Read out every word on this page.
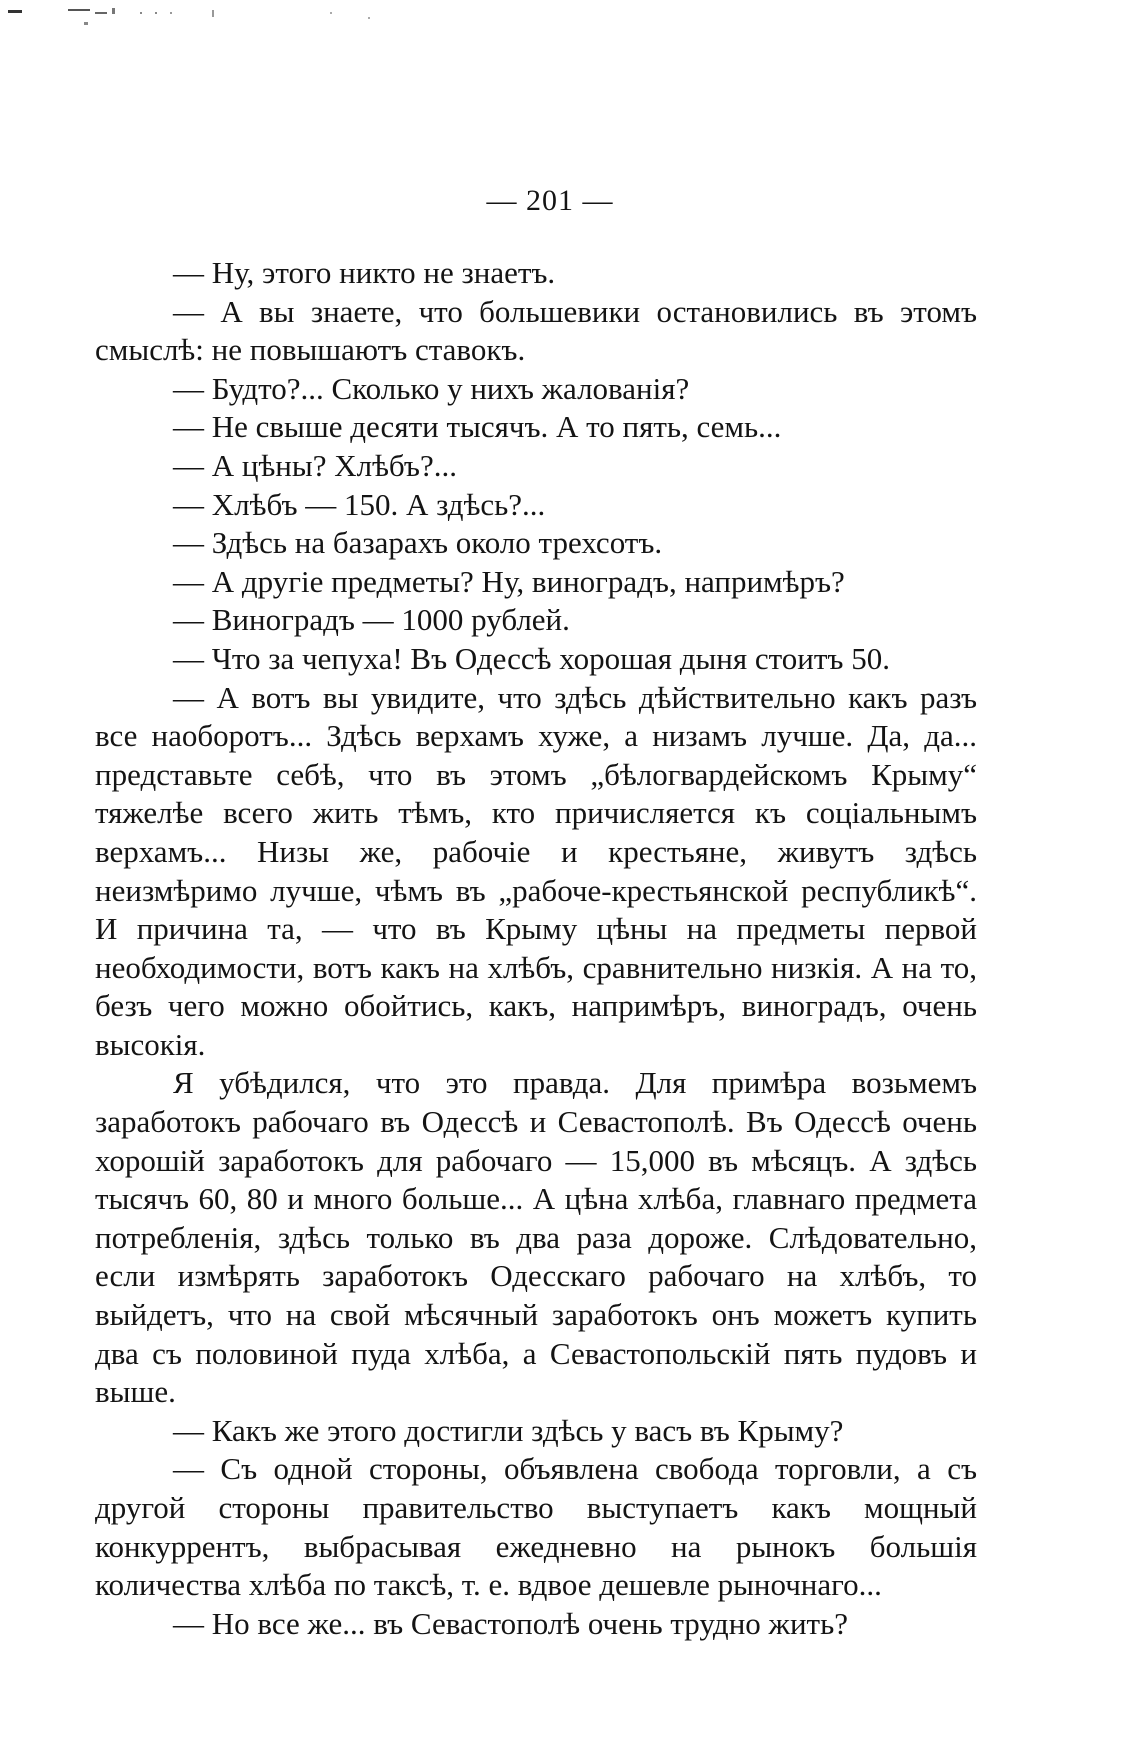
— 201 —

— Ну, этого никто не знаетъ.

— А вы знаете, что большевики остановились въ этомъ смыслѣ: не повышаютъ ставокъ.

— Будто?... Сколько у нихъ жалованія?

— Не свыше десяти тысячъ. А то пять, семь...

— А цѣны? Хлѣбъ?...

— Хлѣбъ — 150. А здѣсь?...

— Здѣсь на базарахъ около трехсотъ.

— А другіе предметы? Ну, виноградъ, напримѣръ?

— Виноградъ — 1000 рублей.

— Что за чепуха! Въ Одессѣ хорошая дыня стоитъ 50.

— А вотъ вы увидите, что здѣсь дѣйствительно какъ разъ все наоборотъ... Здѣсь верхамъ хуже, а низамъ лучше. Да, да... представьте себѣ, что въ этомъ „бѣлогвардейскомъ Крыму“ тяжелѣе всего жить тѣмъ, кто причисляется къ соціальнымъ верхамъ... Низы же, рабочіе и крестьяне, живутъ здѣсь неизмѣримо лучше, чѣмъ въ „рабоче-крестьянской республикѣ“. И причина та, — что въ Крыму цѣны на предметы первой необходимости, вотъ какъ на хлѣбъ, сравнительно низкія. А на то, безъ чего можно обойтись, какъ, напримѣръ, виноградъ, очень высокія.

Я убѣдился, что это правда. Для примѣра возьмемъ заработокъ рабочаго въ Одессѣ и Севастополѣ. Въ Одессѣ очень хорошій заработокъ для рабочаго — 15,000 въ мѣсяцъ. А здѣсь тысячъ 60, 80 и много больше... А цѣна хлѣба, главнаго предмета потребленія, здѣсь только въ два раза дороже. Слѣдовательно, если измѣрять заработокъ Одесскаго рабочаго на хлѣбъ, то выйдетъ, что на свой мѣсячный заработокъ онъ можетъ купить два съ половиной пуда хлѣба, а Севастопольскій пять пудовъ и выше.

— Какъ же этого достигли здѣсь у васъ въ Крыму?

— Съ одной стороны, объявлена свобода торговли, а съ другой стороны правительство выступаетъ какъ мощный конкуррентъ, выбрасывая ежедневно на рынокъ большія количества хлѣба по таксѣ, т. е. вдвое дешевле рыночнаго...

— Но все же... въ Севастополѣ очень трудно жить?
